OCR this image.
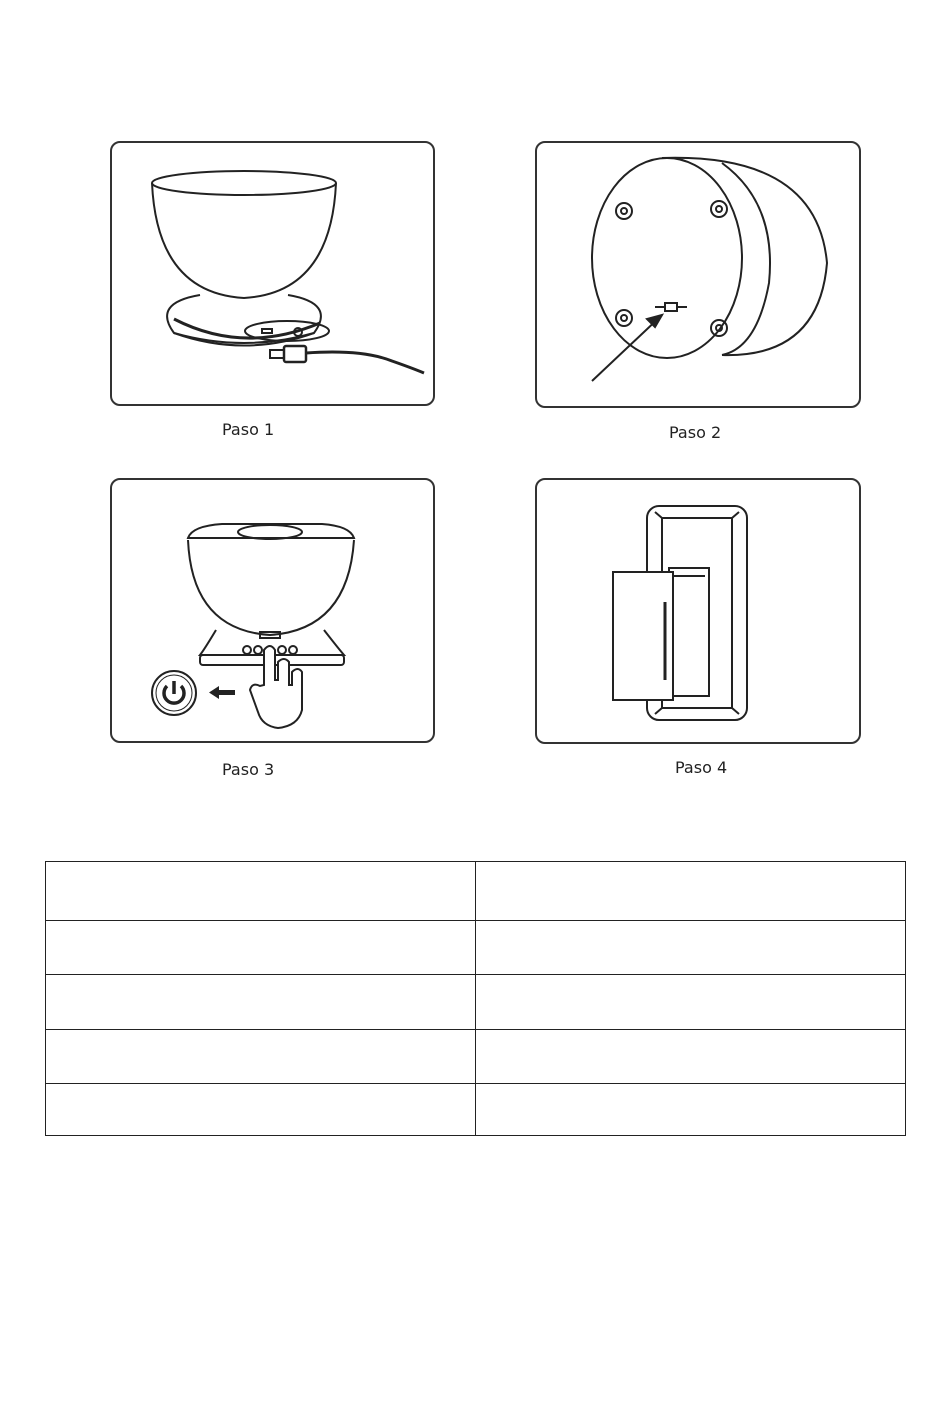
Paso 1	Paso 2
Paso 3	Paso 4
